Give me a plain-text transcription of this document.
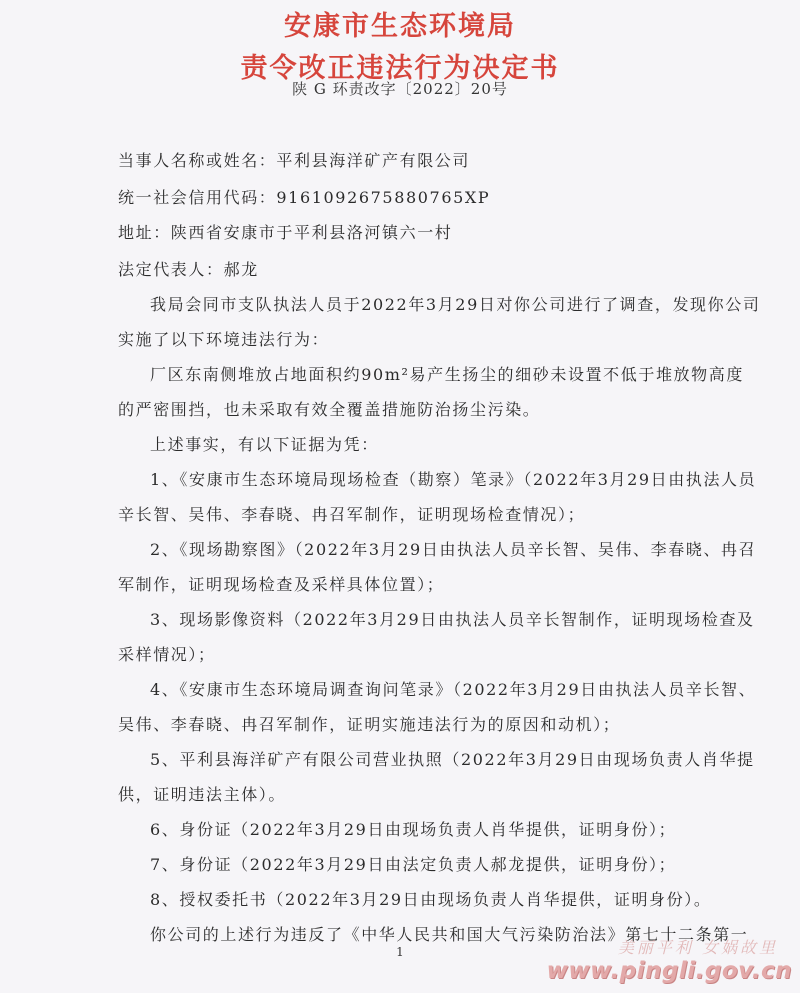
安康市生态环境局
责令改正违法行为决定书
陕 G 环责改字〔2022〕20号
当事人名称或姓名：平利县海洋矿产有限公司
统一社会信用代码：9161092675880765XP
地址：陕西省安康市于平利县洛河镇六一村
法定代表人：郝龙
我局会同市支队执法人员于2022年3月29日对你公司进行了调查，发现你公司
实施了以下环境违法行为：
厂区东南侧堆放占地面积约90m²易产生扬尘的细砂未设置不低于堆放物高度
的严密围挡，也未采取有效全覆盖措施防治扬尘污染。
上述事实，有以下证据为凭：
1、《安康市生态环境局现场检查（勘察）笔录》（2022年3月29日由执法人员
辛长智、吴伟、李春晓、冉召军制作，证明现场检查情况）；
2、《现场勘察图》（2022年3月29日由执法人员辛长智、吴伟、李春晓、冉召
军制作，证明现场检查及采样具体位置）；
3、现场影像资料（2022年3月29日由执法人员辛长智制作，证明现场检查及
采样情况）；
4、《安康市生态环境局调查询问笔录》（2022年3月29日由执法人员辛长智、
吴伟、李春晓、冉召军制作，证明实施违法行为的原因和动机）；
5、平利县海洋矿产有限公司营业执照（2022年3月29日由现场负责人肖华提
供，证明违法主体）。
6、身份证（2022年3月29日由现场负责人肖华提供，证明身份）；
7、身份证（2022年3月29日由法定负责人郝龙提供，证明身份）；
8、授权委托书（2022年3月29日由现场负责人肖华提供，证明身份）。
你公司的上述行为违反了《中华人民共和国大气污染防治法》第七十二条第一
1	美丽平利 女娲故里
www.pingli.gov.cn
